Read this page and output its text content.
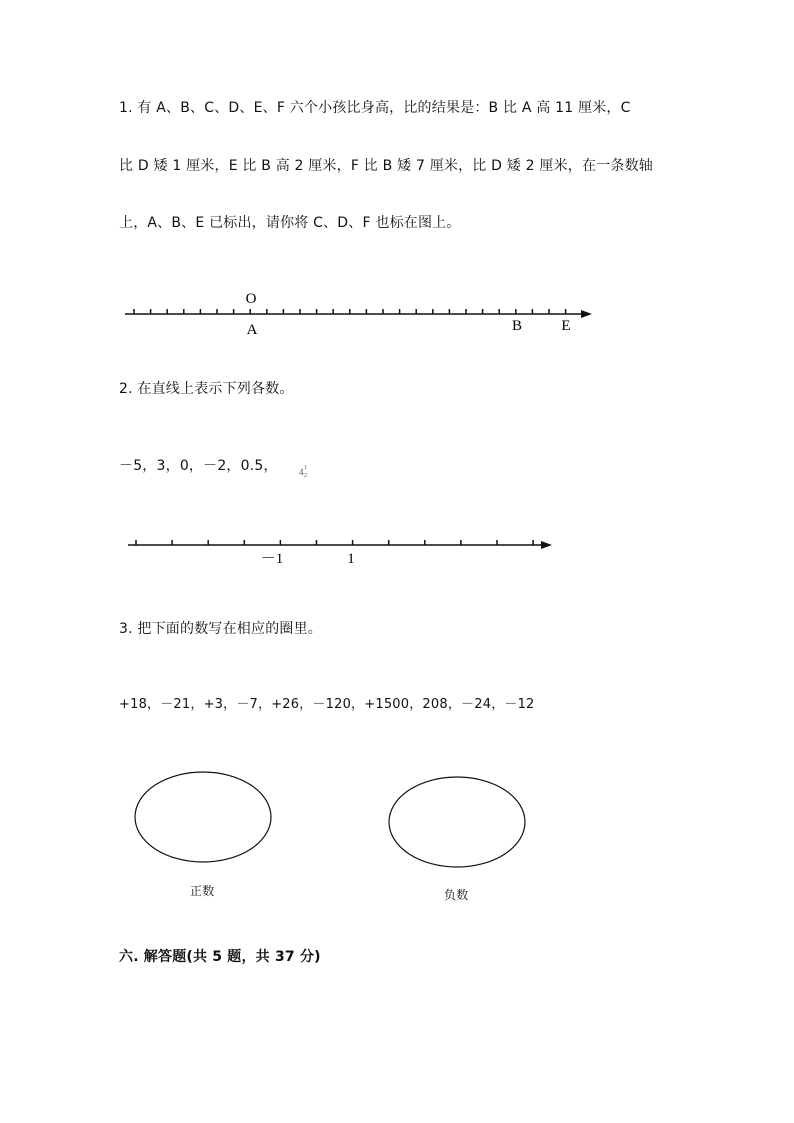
1. 有 A、B、C、D、E、F 六个小孩比身高，比的结果是：B 比 A 高 11 厘米，C
比 D 矮 1 厘米，E 比 B 高 2 厘米，F 比 B 矮 7 厘米，比 D 矮 2 厘米，在一条数轴
上，A、B、E 已标出，请你将 C、D、F 也标在图上。
O
A	B	E
2. 在直线上表示下列各数。
－5，3，0，－2，0.5， 4 1
2
－1	1
3. 把下面的数写在相应的圈里。
+18，－21，+3，－7，+26，－120，+1500，208，－24，－12
正数	负数
六. 解答题(共 5 题，共 37 分)
